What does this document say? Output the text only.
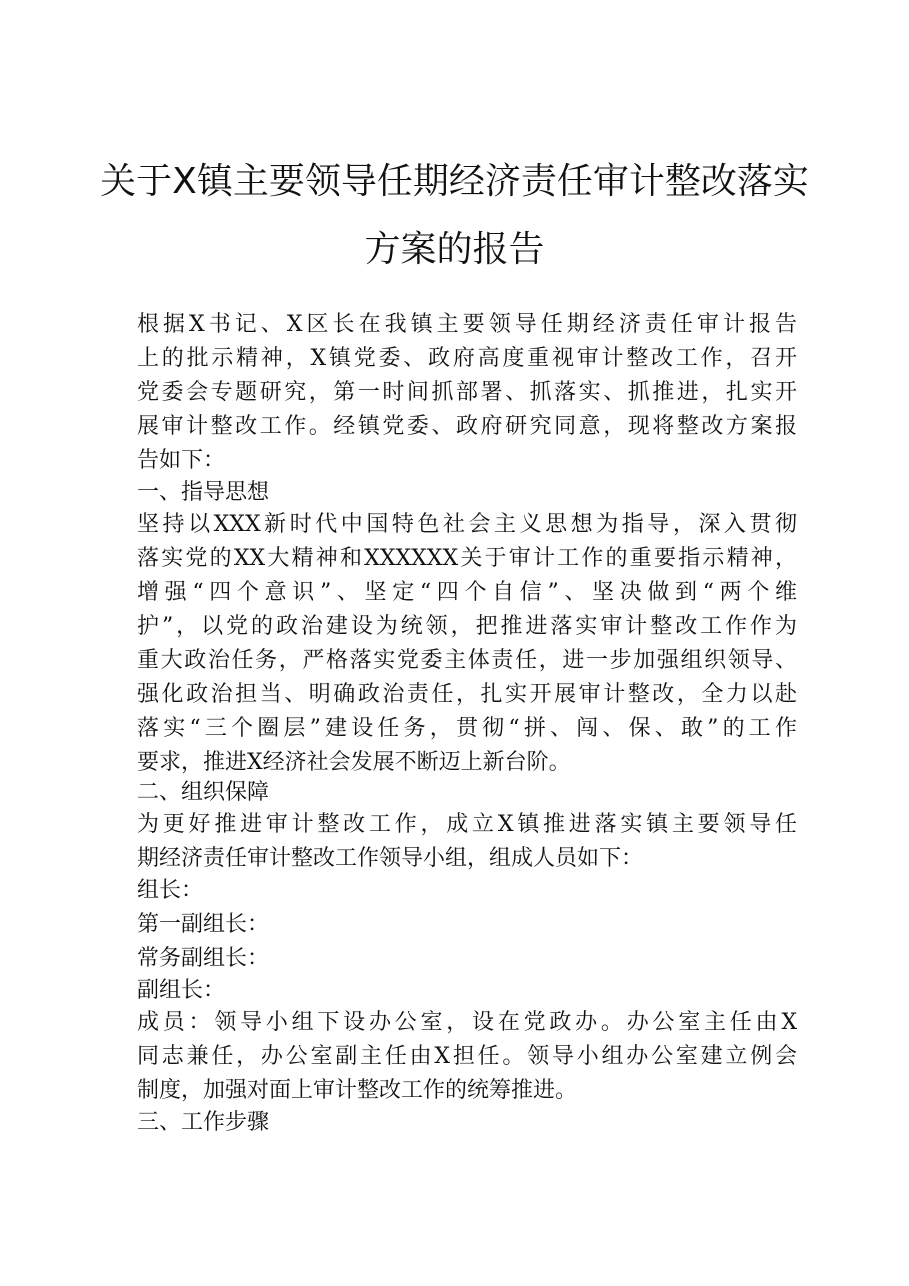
关于X镇主要领导任期经济责任审计整改落实
方案的报告
根据X书记、X区长在我镇主要领导任期经济责任审计报告
上的批示精神，X镇党委、政府高度重视审计整改工作，召开
党委会专题研究，第一时间抓部署、抓落实、抓推进，扎实开
展审计整改工作。经镇党委、政府研究同意，现将整改方案报
告如下：
一、指导思想
坚持以XXX新时代中国特色社会主义思想为指导，深入贯彻
落实党的XX大精神和XXXXXX关于审计工作的重要指示精神，
增强“四个意识”、坚定“四个自信”、坚决做到“两个维
护”，以党的政治建设为统领，把推进落实审计整改工作作为
重大政治任务，严格落实党委主体责任，进一步加强组织领导、
强化政治担当、明确政治责任，扎实开展审计整改，全力以赴
落实“三个圈层”建设任务，贯彻“拼、闯、保、敢”的工作
要求，推进X经济社会发展不断迈上新台阶。
二、组织保障
为更好推进审计整改工作，成立X镇推进落实镇主要领导任
期经济责任审计整改工作领导小组，组成人员如下：
组长：
第一副组长：
常务副组长：
副组长：
成员：领导小组下设办公室，设在党政办。办公室主任由X
同志兼任，办公室副主任由X担任。领导小组办公室建立例会
制度，加强对面上审计整改工作的统筹推进。
三、工作步骤
